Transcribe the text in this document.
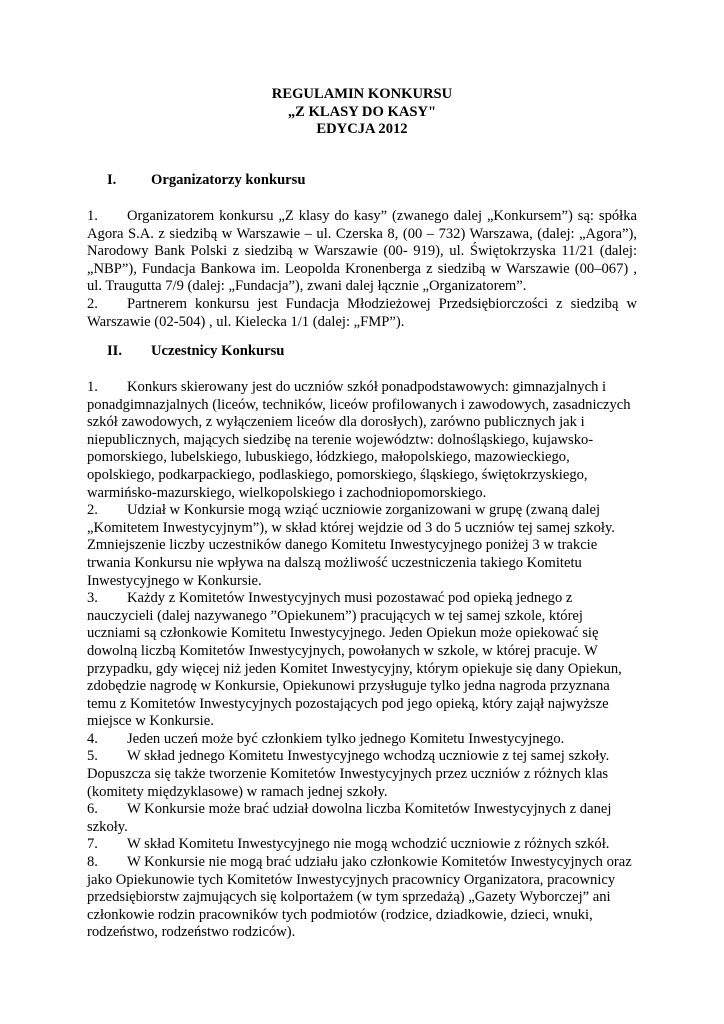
REGULAMIN KONKURSU
„Z KLASY DO KASY"
EDYCJA 2012
I. Organizatorzy konkursu

1. Organizatorem konkursu „Z klasy do kasy” (zwanego dalej „Konkursem”) są: spółka Agora S.A. z siedzibą w Warszawie – ul. Czerska 8, (00 – 732) Warszawa, (dalej: „Agora”), Narodowy Bank Polski z siedzibą w Warszawie (00- 919), ul. Świętokrzyska 11/21 (dalej: „NBP”), Fundacja Bankowa im. Leopolda Kronenberga z siedzibą w Warszawie (00–067) , ul. Traugutta 7/9 (dalej: „Fundacja”), zwani dalej łącznie „Organizatorem”.

2. Partnerem konkursu jest Fundacja Młodzieżowej Przedsiębiorczości z siedzibą w Warszawie (02-504) , ul. Kielecka 1/1 (dalej: „FMP”).

II. Uczestnicy Konkursu

1. Konkurs skierowany jest do uczniów szkół ponadpodstawowych: gimnazjalnych i ponadgimnazjalnych (liceów, techników, liceów profilowanych i zawodowych, zasadniczych szkół zawodowych, z wyłączeniem liceów dla dorosłych), zarówno publicznych jak i niepublicznych, mających siedzibę na terenie województw: dolnośląskiego, kujawsko-pomorskiego, lubelskiego, lubuskiego, łódzkiego, małopolskiego, mazowieckiego, opolskiego, podkarpackiego, podlaskiego, pomorskiego, śląskiego, świętokrzyskiego, warmińsko-mazurskiego, wielkopolskiego i zachodniopomorskiego.

2. Udział w Konkursie mogą wziąć uczniowie zorganizowani w grupę (zwaną dalej „Komitetem Inwestycyjnym”), w skład której wejdzie od 3 do 5 uczniów tej samej szkoły. Zmniejszenie liczby uczestników danego Komitetu Inwestycyjnego poniżej 3 w trakcie trwania Konkursu nie wpływa na dalszą możliwość uczestniczenia takiego Komitetu Inwestycyjnego w Konkursie.

3. Każdy z Komitetów Inwestycyjnych musi pozostawać pod opieką jednego z nauczycieli (dalej nazywanego ”Opiekunem”) pracujących w tej samej szkole, której uczniami są członkowie Komitetu Inwestycyjnego. Jeden Opiekun może opiekować się dowolną liczbą Komitetów Inwestycyjnych, powołanych w szkole, w której pracuje. W przypadku, gdy więcej niż jeden Komitet Inwestycyjny, którym opiekuje się dany Opiekun, zdobędzie nagrodę w Konkursie, Opiekunowi przysługuje tylko jedna nagroda przyznana temu z Komitetów Inwestycyjnych pozostających pod jego opieką, który zajął najwyższe miejsce w Konkursie.

4. Jeden uczeń może być członkiem tylko jednego Komitetu Inwestycyjnego.

5. W skład jednego Komitetu Inwestycyjnego wchodzą uczniowie z tej samej szkoły. Dopuszcza się także tworzenie Komitetów Inwestycyjnych przez uczniów z różnych klas (komitety międzyklasowe) w ramach jednej szkoły.

6. W Konkursie może brać udział dowolna liczba Komitetów Inwestycyjnych z danej szkoły.

7. W skład Komitetu Inwestycyjnego nie mogą wchodzić uczniowie z różnych szkół.

8. W Konkursie nie mogą brać udziału jako członkowie Komitetów Inwestycyjnych oraz jako Opiekunowie tych Komitetów Inwestycyjnych pracownicy Organizatora, pracownicy przedsiębiorstw zajmujących się kolportażem (w tym sprzedażą) „Gazety Wyborczej” ani członkowie rodzin pracowników tych podmiotów (rodzice, dziadkowie, dzieci, wnuki, rodzeństwo, rodzeństwo rodziców).
